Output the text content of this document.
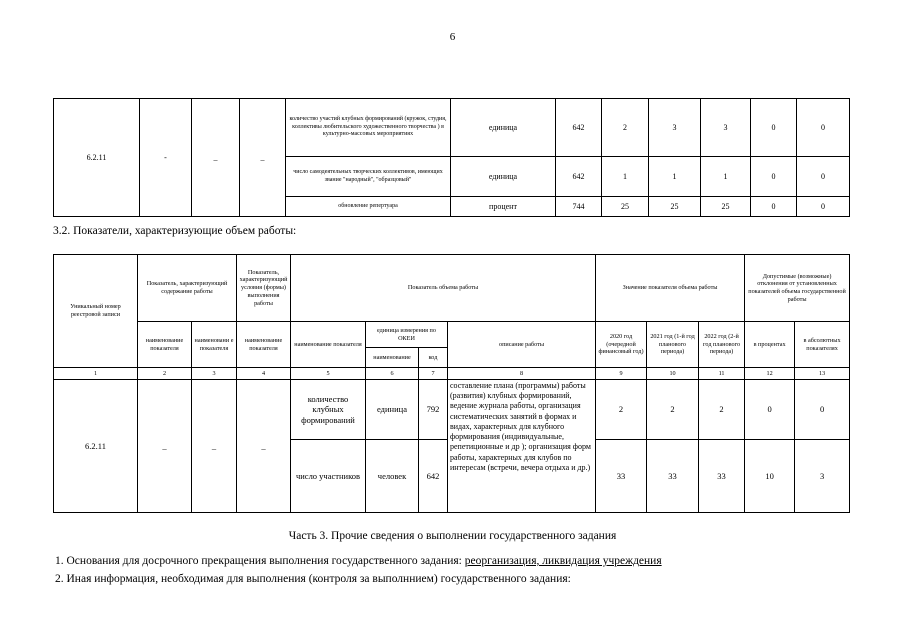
6
6.2.11	-	_	_	количество участий клубных формирований (кружок, студия, коллективы любительского художественного творчества ) в культурно-массовых мероприятиях	единица	642	2	3	3	0	0
				число самодеятельных творческих коллективов, имеющих звание "народный", "образцовый"	единица	642	1	1	1	0	0
				обновление репертуара	процент	744	25	25	25	0	0
3.2. Показатели, характеризующие объем работы:
Уникальный номер реестровой записи	Показатель, характеризующий содержание работы		Показатель, характеризующий условия (формы) выполнения работы	Показатель объема работы				Значение показателя объема работы			Допустимые (возможные) отклонения от установленных показателей объема государственной работы	
	наименование показателя	наименовани е показателя	наименование показателя	наименование показателя	единица измерения по ОКЕИ		описание работы	2020 год (очередной финансовый год)	2021 год (1-й год планового периода)	2022 год (2-й год планового периода)	в процентах	в абсолютных показателях
					наименование	код						
1	2	3	4	5	6	7	8	9	10	11	12	13
6.2.11	_	_	_	количество клубных формирований	единица	792	составление плана (программы) работы (развития) клубных формирований, ведение журнала работы, организация систематических занятий в формах и видах, характерных для клубного формирования (индивидуальные, репетиционные и др ); организация форм работы, характерных для клубов по интересам (встречи, вечера отдыха и др.)	2	2	2	0	0
				число участников	человек	642		33	33	33	10	3
Часть 3. Прочие сведения о выполнении государственного задания
1. Основания для досрочного прекращения выполнения государственного задания: реорганизация, ликвидация учреждения
2. Иная информация, необходимая для выполнения (контроля за выполннием) государственного задания:
